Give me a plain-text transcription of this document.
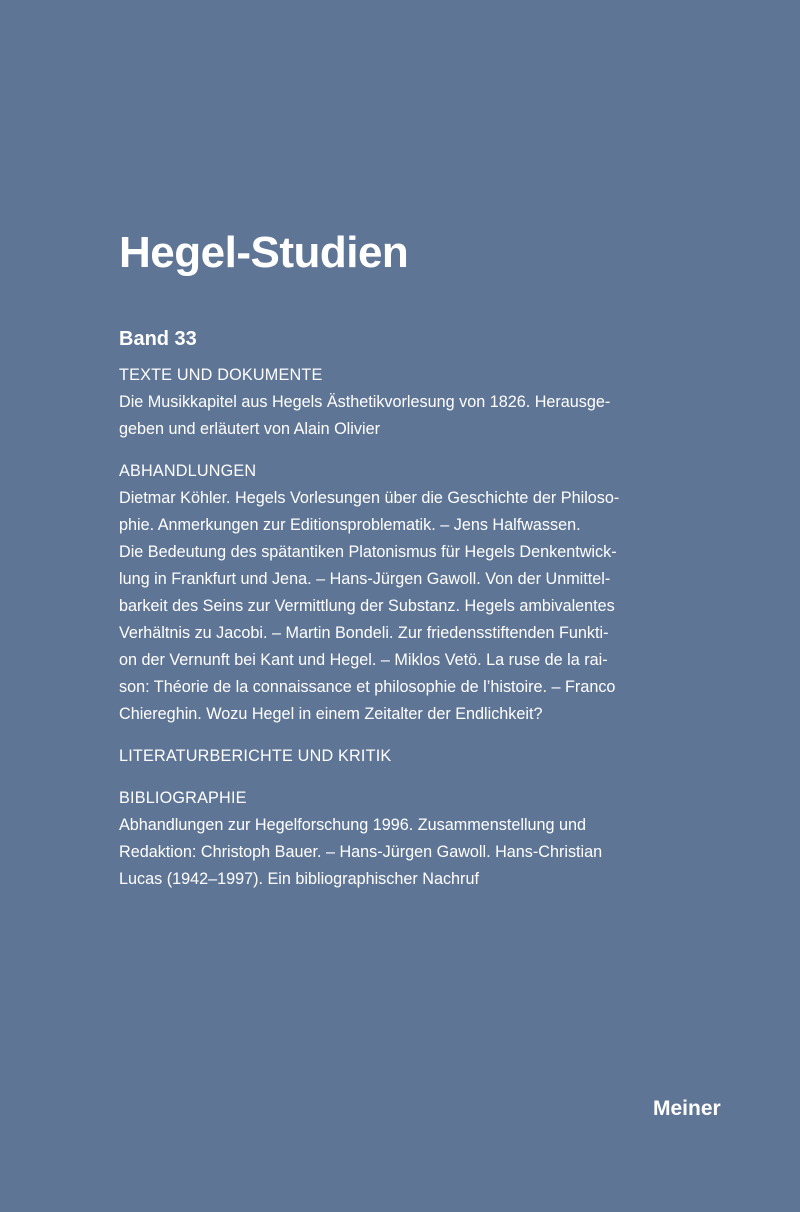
Hegel-Studien
Band 33
TEXTE UND DOKUMENTE
Die Musikkapitel aus Hegels Ästhetikvorlesung von 1826. Herausge-
geben und erläutert von Alain Olivier
ABHANDLUNGEN
Dietmar Köhler. Hegels Vorlesungen über die Geschichte der Philoso-
phie. Anmerkungen zur Editionsproblematik. – Jens Halfwassen.
Die Bedeutung des spätantiken Platonismus für Hegels Denkentwick-
lung in Frankfurt und Jena. – Hans-Jürgen Gawoll. Von der Unmittel-
barkeit des Seins zur Vermittlung der Substanz. Hegels ambivalentes
Verhältnis zu Jacobi. – Martin Bondeli. Zur friedensstiftenden Funkti-
on der Vernunft bei Kant und Hegel. – Miklos Vetö. La ruse de la rai-
son: Théorie de la connaissance et philosophie de l’histoire. – Franco
Chiereghin. Wozu Hegel in einem Zeitalter der Endlichkeit?
LITERATURBERICHTE UND KRITIK
BIBLIOGRAPHIE
Abhandlungen zur Hegelforschung 1996. Zusammenstellung und
Redaktion: Christoph Bauer. – Hans-Jürgen Gawoll. Hans-Christian
Lucas (1942–1997). Ein bibliographischer Nachruf
Meiner
